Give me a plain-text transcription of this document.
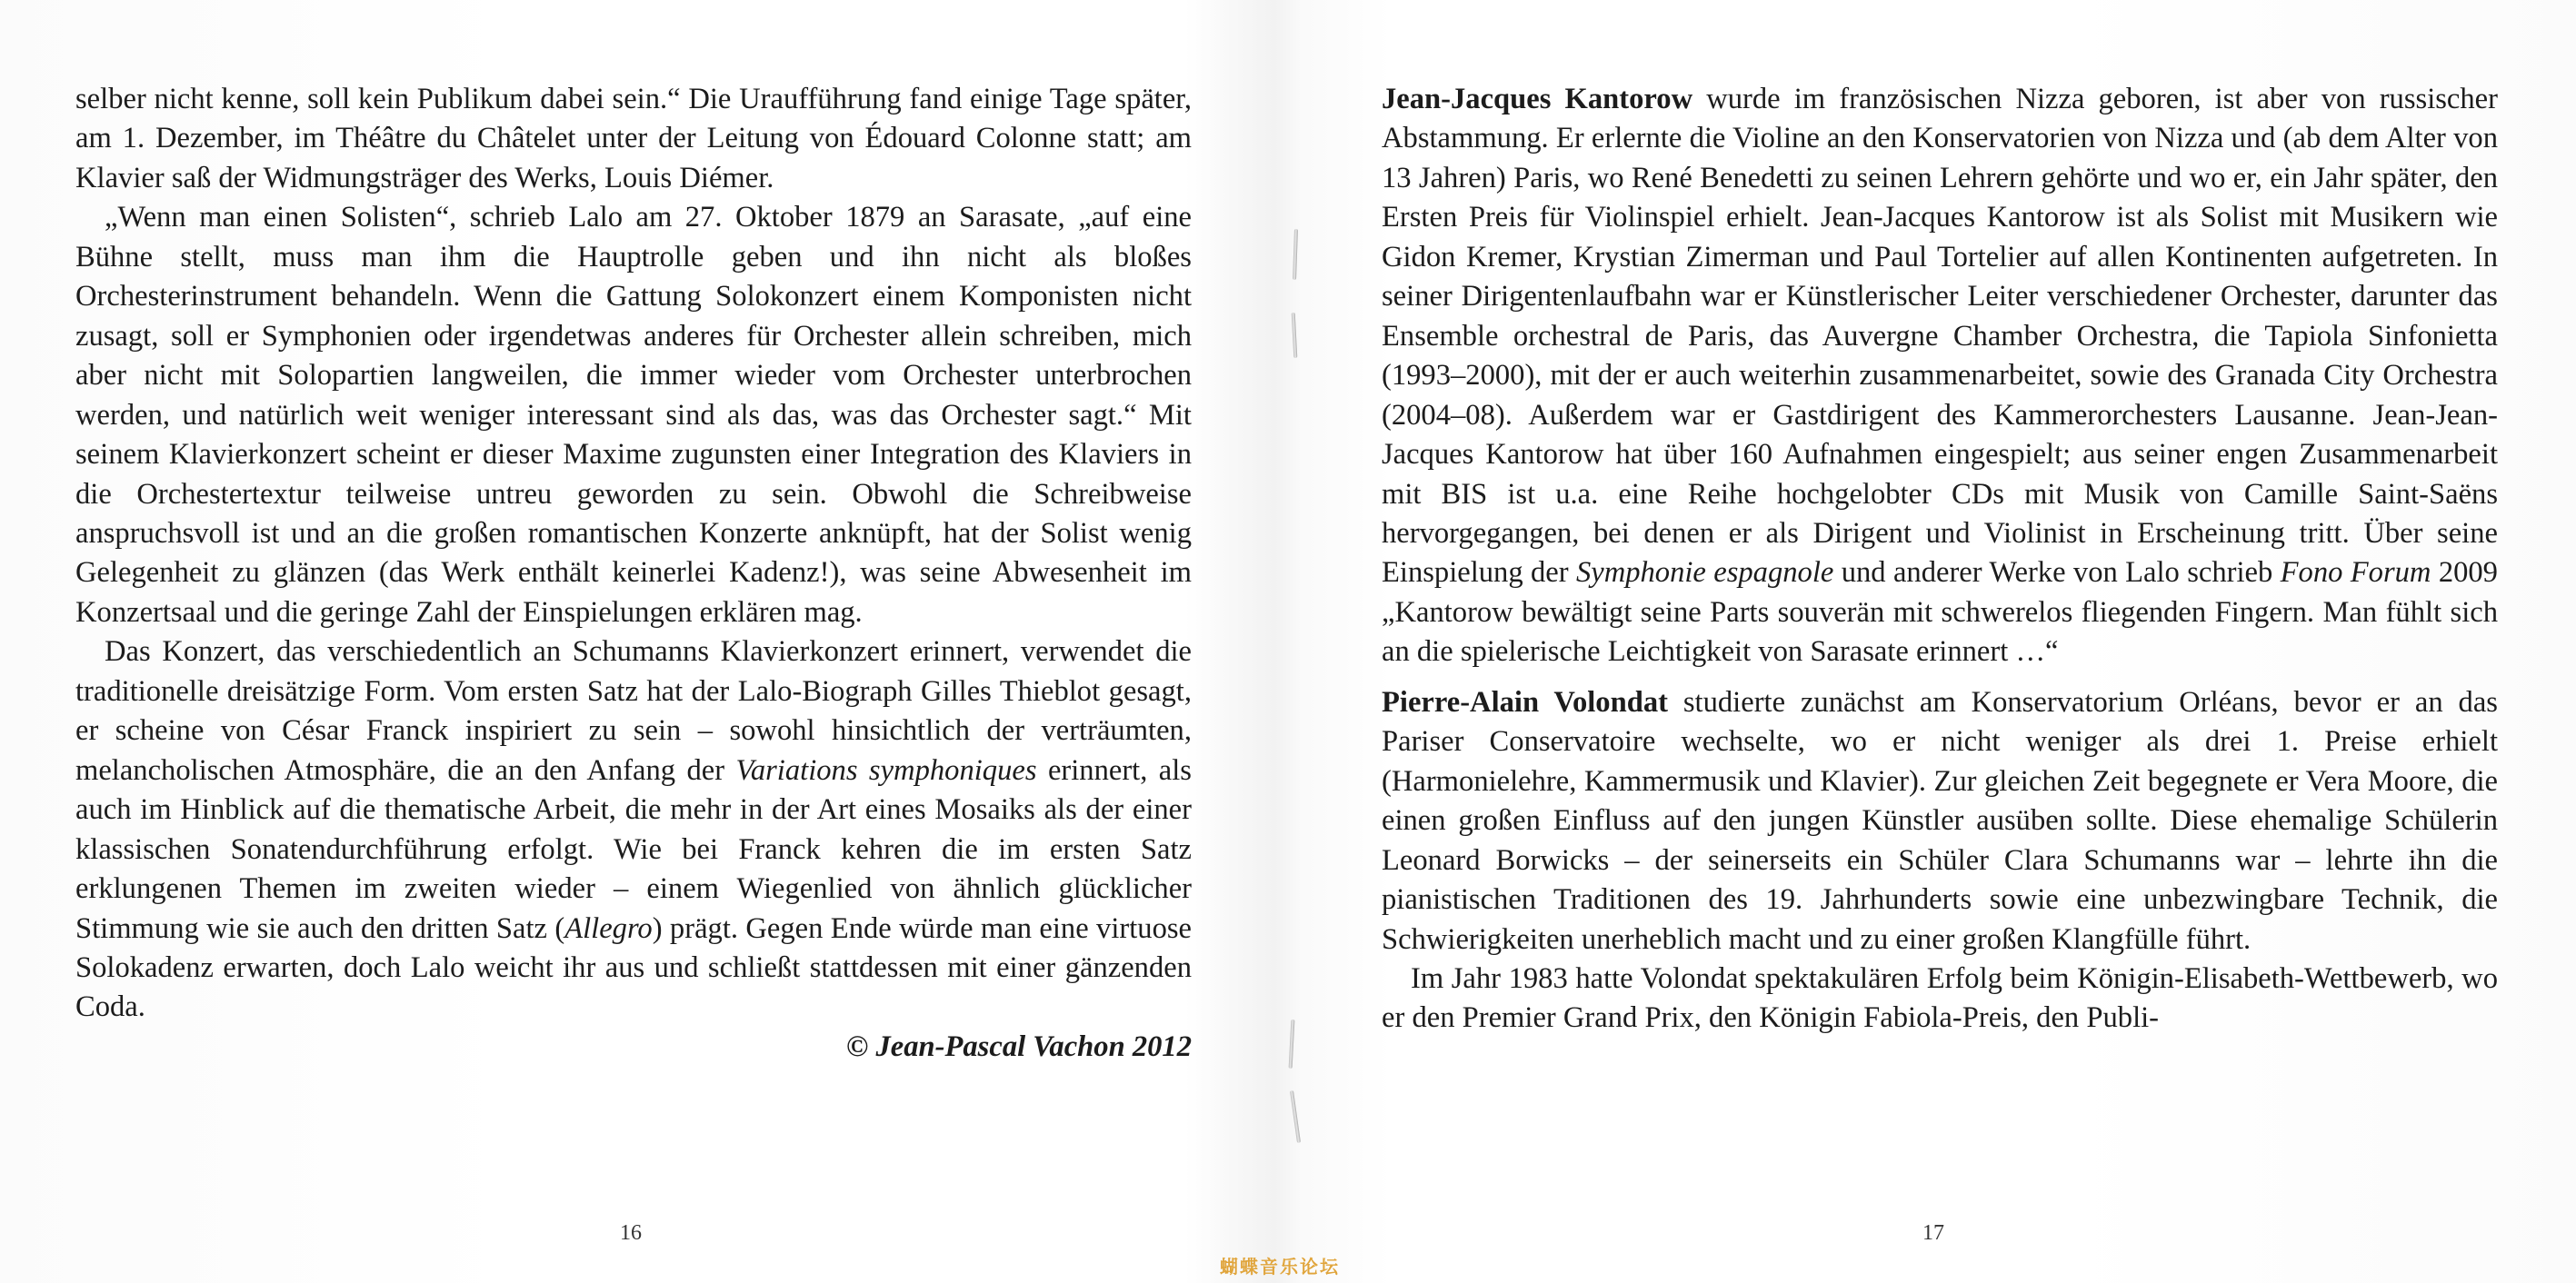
selber nicht kenne, soll kein Publikum dabei sein.“ Die Uraufführung fand einige Tage später, am 1. Dezember, im Théâtre du Châtelet unter der Leitung von Édouard Colonne statt; am Klavier saß der Widmungsträger des Werks, Louis Diémer.

„Wenn man einen Solisten“, schrieb Lalo am 27. Oktober 1879 an Sarasate, „auf eine Bühne stellt, muss man ihm die Hauptrolle geben und ihn nicht als bloßes Orchesterinstrument behandeln. Wenn die Gattung Solokonzert einem Komponisten nicht zusagt, soll er Symphonien oder irgendetwas anderes für Orchester allein schreiben, mich aber nicht mit Solopartien langweilen, die immer wieder vom Orchester unterbrochen werden, und natürlich weit weniger interessant sind als das, was das Orchester sagt.“ Mit seinem Klavierkonzert scheint er dieser Maxime zugunsten einer Integration des Klaviers in die Orchestertextur teilweise untreu geworden zu sein. Obwohl die Schreibweise anspruchsvoll ist und an die großen romantischen Konzerte anknüpft, hat der Solist wenig Gelegenheit zu glänzen (das Werk enthält keinerlei Kadenz!), was seine Abwesenheit im Konzertsaal und die geringe Zahl der Einspielungen erklären mag.

Das Konzert, das verschiedentlich an Schumanns Klavierkonzert erinnert, verwendet die traditionelle dreisätzige Form. Vom ersten Satz hat der Lalo-Biograph Gilles Thieblot gesagt, er scheine von César Franck inspiriert zu sein – sowohl hinsichtlich der verträumten, melancholischen Atmosphäre, die an den Anfang der Variations symphoniques erinnert, als auch im Hinblick auf die thematische Arbeit, die mehr in der Art eines Mosaiks als der einer klassischen Sonatendurchführung erfolgt. Wie bei Franck kehren die im ersten Satz erklungenen Themen im zweiten wieder – einem Wiegenlied von ähnlich glücklicher Stimmung wie sie auch den dritten Satz (Allegro) prägt. Gegen Ende würde man eine virtuose Solokadenz erwarten, doch Lalo weicht ihr aus und schließt stattdessen mit einer gänzenden Coda.

© Jean-Pascal Vachon 2012

16

Jean-Jacques Kantorow wurde im französischen Nizza geboren, ist aber von russischer Abstammung. Er erlernte die Violine an den Konservatorien von Nizza und (ab dem Alter von 13 Jahren) Paris, wo René Benedetti zu seinen Lehrern gehörte und wo er, ein Jahr später, den Ersten Preis für Violinspiel erhielt. Jean-Jacques Kantorow ist als Solist mit Musikern wie Gidon Kremer, Krystian Zimerman und Paul Tortelier auf allen Kontinenten aufgetreten. In seiner Dirigentenlaufbahn war er Künstlerischer Leiter verschiedener Orchester, darunter das Ensemble orchestral de Paris, das Auvergne Chamber Orchestra, die Tapiola Sinfonietta (1993–2000), mit der er auch weiterhin zusammenarbeitet, sowie des Granada City Orchestra (2004–08). Außerdem war er Gastdirigent des Kammerorchesters Lausanne. Jean-Jean-Jacques Kantorow hat über 160 Aufnahmen eingespielt; aus seiner engen Zusammenarbeit mit BIS ist u.a. eine Reihe hochgelobter CDs mit Musik von Camille Saint-Saëns hervorgegangen, bei denen er als Dirigent und Violinist in Erscheinung tritt. Über seine Einspielung der Symphonie espagnole und anderer Werke von Lalo schrieb Fono Forum 2009 „Kantorow bewältigt seine Parts souverän mit schwerelos fliegenden Fingern. Man fühlt sich an die spielerische Leichtigkeit von Sarasate erinnert …“

Pierre-Alain Volondat studierte zunächst am Konservatorium Orléans, bevor er an das Pariser Conservatoire wechselte, wo er nicht weniger als drei 1. Preise erhielt (Harmonielehre, Kammermusik und Klavier). Zur gleichen Zeit begegnete er Vera Moore, die einen großen Einfluss auf den jungen Künstler ausüben sollte. Diese ehemalige Schülerin Leonard Borwicks – der seinerseits ein Schüler Clara Schumanns war – lehrte ihn die pianistischen Traditionen des 19. Jahrhunderts sowie eine unbezwingbare Technik, die Schwierigkeiten unerheblich macht und zu einer großen Klangfülle führt.

Im Jahr 1983 hatte Volondat spektakulären Erfolg beim Königin-Elisabeth-Wettbewerb, wo er den Premier Grand Prix, den Königin Fabiola-Preis, den Publi-

17
蝴蝶音乐论坛
